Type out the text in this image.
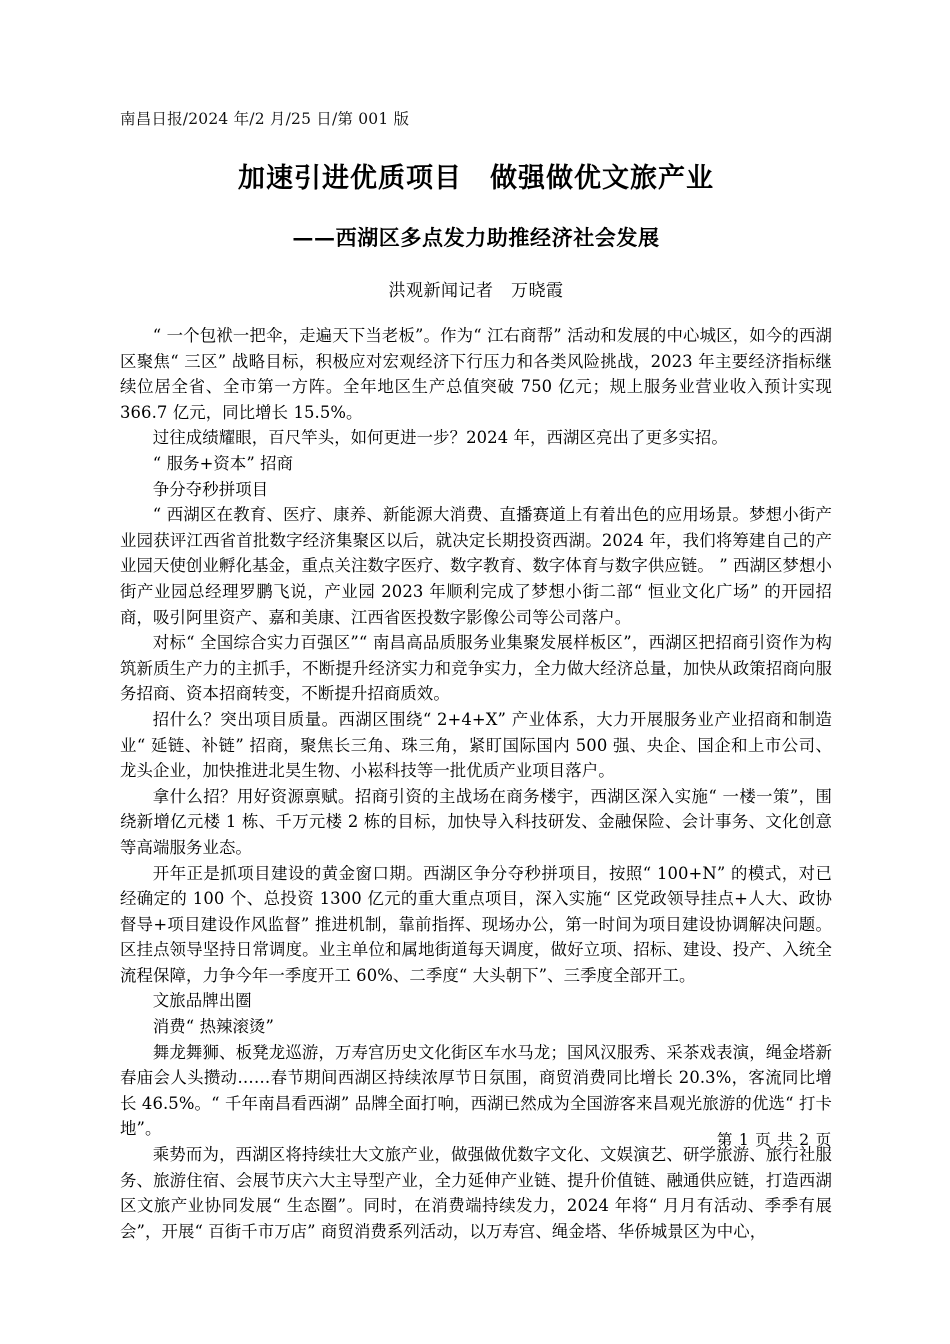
南昌日报/2024 年/2 月/25 日/第 001 版
加速引进优质项目　做强做优文旅产业
——西湖区多点发力助推经济社会发展
洪观新闻记者　万晓霞

“ 一个包袱一把伞，走遍天下当老板”。作为“ 江右商帮” 活动和发展的中心城区，如今的西湖区聚焦“ 三区” 战略目标，积极应对宏观经济下行压力和各类风险挑战，2023 年主要经济指标继续位居全省、全市第一方阵。全年地区生产总值突破 750 亿元；规上服务业营业收入预计实现 366.7 亿元，同比增长 15.5%。

过往成绩耀眼，百尺竿头，如何更进一步？2024 年，西湖区亮出了更多实招。

“ 服务+资本” 招商

争分夺秒拼项目

“ 西湖区在教育、医疗、康养、新能源大消费、直播赛道上有着出色的应用场景。梦想小街产业园获评江西省首批数字经济集聚区以后，就决定长期投资西湖。2024 年，我们将筹建自己的产业园天使创业孵化基金，重点关注数字医疗、数字教育、数字体育与数字供应链。 ” 西湖区梦想小街产业园总经理罗鹏飞说，产业园 2023 年顺利完成了梦想小街二部“ 恒业文化广场” 的开园招商，吸引阿里资产、嘉和美康、江西省医投数字影像公司等公司落户。

对标“ 全国综合实力百强区”“ 南昌高品质服务业集聚发展样板区”，西湖区把招商引资作为构筑新质生产力的主抓手，不断提升经济实力和竞争实力，全力做大经济总量，加快从政策招商向服务招商、资本招商转变，不断提升招商质效。

招什么？突出项目质量。西湖区围绕“ 2+4+X” 产业体系，大力开展服务业产业招商和制造业“ 延链、补链” 招商，聚焦长三角、珠三角，紧盯国际国内 500 强、央企、国企和上市公司、龙头企业，加快推进北昊生物、小崧科技等一批优质产业项目落户。

拿什么招？用好资源禀赋。招商引资的主战场在商务楼宇，西湖区深入实施“ 一楼一策”，围绕新增亿元楼 1 栋、千万元楼 2 栋的目标，加快导入科技研发、金融保险、会计事务、文化创意等高端服务业态。

开年正是抓项目建设的黄金窗口期。西湖区争分夺秒拼项目，按照“ 100+N” 的模式，对已经确定的 100 个、总投资 1300 亿元的重大重点项目，深入实施“ 区党政领导挂点+人大、政协督导+项目建设作风监督” 推进机制，靠前指挥、现场办公，第一时间为项目建设协调解决问题。区挂点领导坚持日常调度。业主单位和属地街道每天调度，做好立项、招标、建设、投产、入统全流程保障，力争今年一季度开工 60%、二季度“ 大头朝下”、三季度全部开工。

文旅品牌出圈

消费“ 热辣滚烫”

舞龙舞狮、板凳龙巡游，万寿宫历史文化街区车水马龙；国风汉服秀、采茶戏表演，绳金塔新春庙会人头攒动……春节期间西湖区持续浓厚节日氛围，商贸消费同比增长 20.3%，客流同比增长 46.5%。“ 千年南昌看西湖” 品牌全面打响，西湖已然成为全国游客来昌观光旅游的优选“ 打卡地”。

乘势而为，西湖区将持续壮大文旅产业，做强做优数字文化、文娱演艺、研学旅游、旅行社服务、旅游住宿、会展节庆六大主导型产业，全力延伸产业链、提升价值链、融通供应链，打造西湖区文旅产业协同发展“ 生态圈”。同时，在消费端持续发力，2024 年将“ 月月有活动、季季有展会”，开展“ 百街千市万店” 商贸消费系列活动，以万寿宫、绳金塔、华侨城景区为中心，

第 1 页 共 2 页
